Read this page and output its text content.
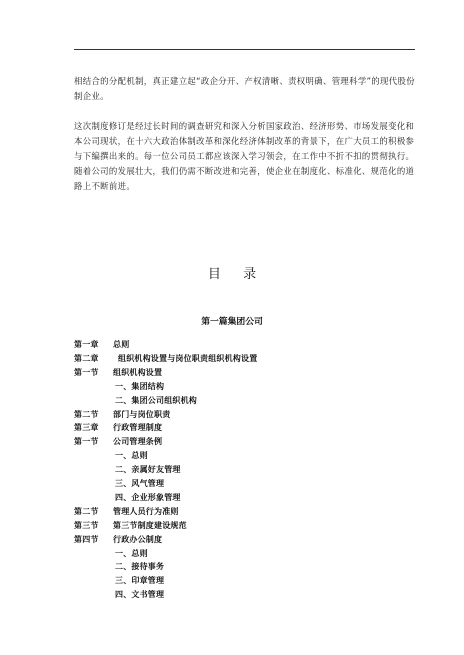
相结合的分配机制，真正建立起“政企分开、产权清晰、责权明确、管理科学”的现代股份制企业。

这次制度修订是经过长时间的调查研究和深入分析国家政治、经济形势、市场发展变化和本公司现状，在十六大政治体制改革和深化经济体制改革的背景下，在广大员工的积极参与下编撰出来的。每一位公司员工都应该深入学习领会，在工作中不折不扣的贯彻执行。随着公司的发展壮大，我们仍需不断改进和完善，使企业在制度化、标准化、规范化的道路上不断前进。

目 录
第一篇集团公司
第一章 总则
第二章 组织机构设置与岗位职责组织机构设置
第一节 组织机构设置
一、集团结构
二、集团公司组织机构
第二节 部门与岗位职责
第三章 行政管理制度
第一节 公司管理条例
一、总则
二、亲属好友管理
三、风气管理
四、企业形象管理
第二节 管理人员行为准则
第三节 第三节制度建设规范
第四节 行政办公制度
一、总则
二、接待事务
三、印章管理
四、文书管理
